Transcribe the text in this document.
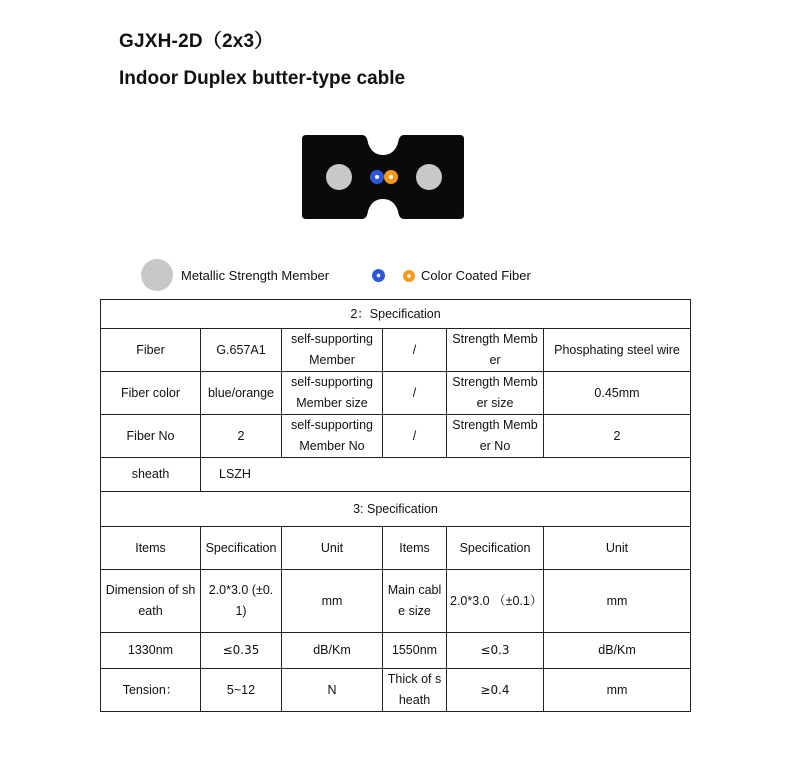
GJXH-2D（2x3）
Indoor Duplex butter-type cable
Metallic Strength Member	Color Coated Fiber
2：Specification					
Fiber	G.657A1	self-supporting Member	/	Strength Member	Phosphating steel wire
Fiber color	blue/orange	self-supporting Member size	/	Strength Member size	0.45mm
Fiber No	2	self-supporting Member No	/	Strength Member No	2
sheath	LSZH				
3: Specification					
Items	Specification	Unit	Items	Specification	Unit
Dimension of sheath	2.0*3.0 (±0.1)	mm	Main cable size	2.0*3.0 （±0.1）	mm
1330nm	≤0.35	dB/Km	1550nm	≤0.3	dB/Km
Tension：	5~12	N	Thick of sheath	≥0.4	mm
